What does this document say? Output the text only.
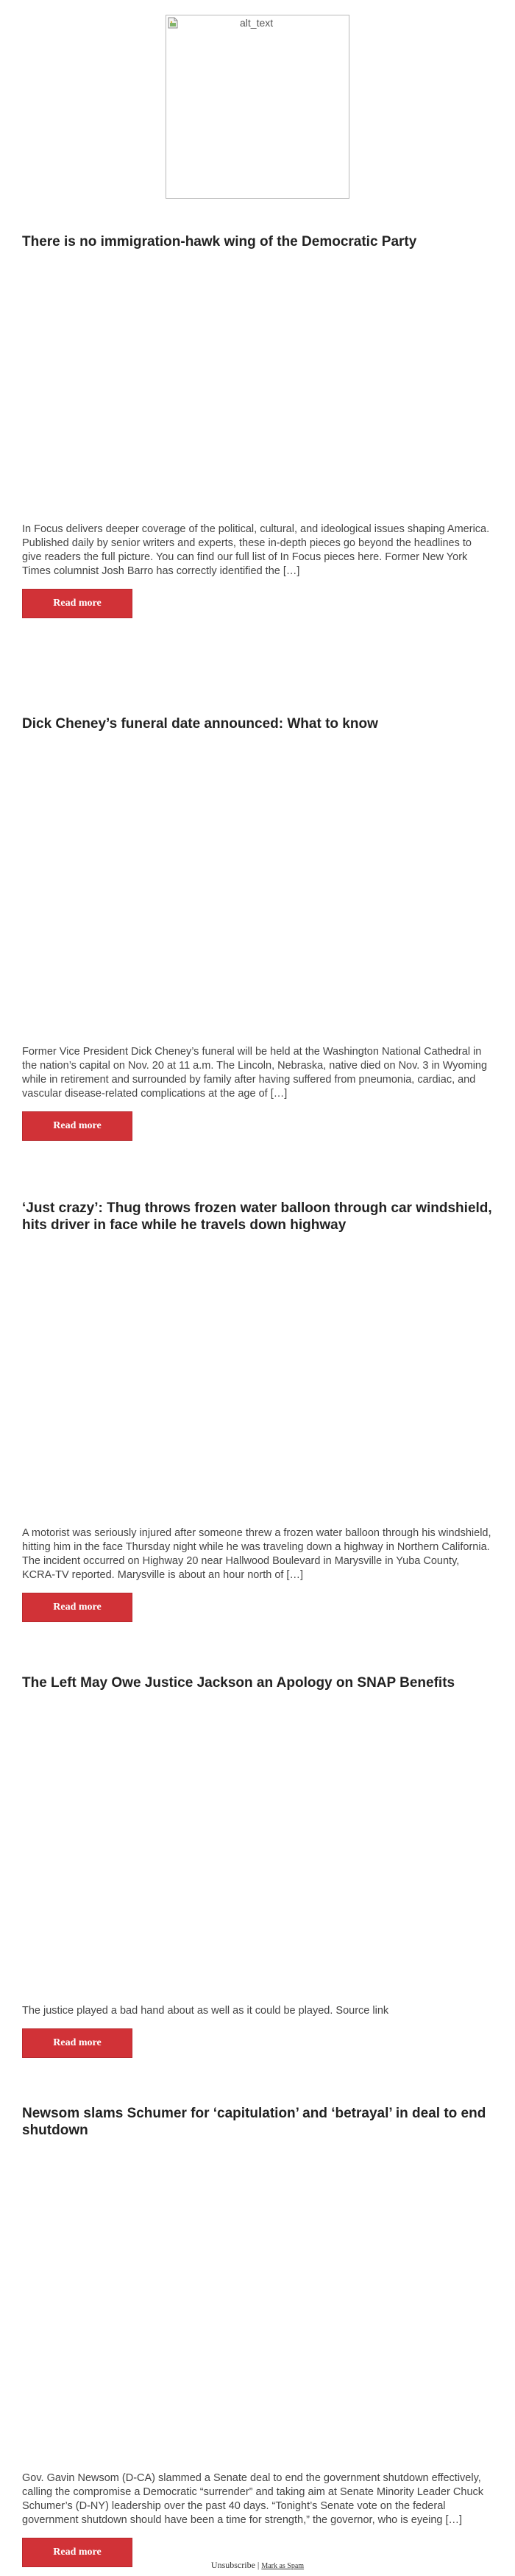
alt_text
There is no immigration-hawk wing of the Democratic Party

In Focus delivers deeper coverage of the political, cultural, and ideological issues shaping America. Published daily by senior writers and experts, these in-depth pieces go beyond the headlines to give readers the full picture. You can find our full list of In Focus pieces here. Former New York Times columnist Josh Barro has correctly identified the […]

Read more
Dick Cheney’s funeral date announced: What to know

Former Vice President Dick Cheney’s funeral will be held at the Washington National Cathedral in the nation’s capital on Nov. 20 at 11 a.m. The Lincoln, Nebraska, native died on Nov. 3 in Wyoming while in retirement and surrounded by family after having suffered from pneumonia, cardiac, and vascular disease-related complications at the age of […]

Read more
‘Just crazy’: Thug throws frozen water balloon through car windshield, hits driver in face while he travels down highway

A motorist was seriously injured after someone threw a frozen water balloon through his windshield, hitting him in the face Thursday night while he was traveling down a highway in Northern California. The incident occurred on Highway 20 near Hallwood Boulevard in Marysville in Yuba County, KCRA-TV reported. Marysville is about an hour north of […]

Read more
The Left May Owe Justice Jackson an Apology on SNAP Benefits

The justice played a bad hand about as well as it could be played. Source link

Read more
Newsom slams Schumer for ‘capitulation’ and ‘betrayal’ in deal to end shutdown

Gov. Gavin Newsom (D-CA) slammed a Senate deal to end the government shutdown effectively, calling the compromise a Democratic “surrender” and taking aim at Senate Minority Leader Chuck Schumer’s (D-NY) leadership over the past 40 days. “Tonight’s Senate vote on the federal government shutdown should have been a time for strength,” the governor, who is eyeing […]

Read more
Unsubscribe | Mark as Spam
